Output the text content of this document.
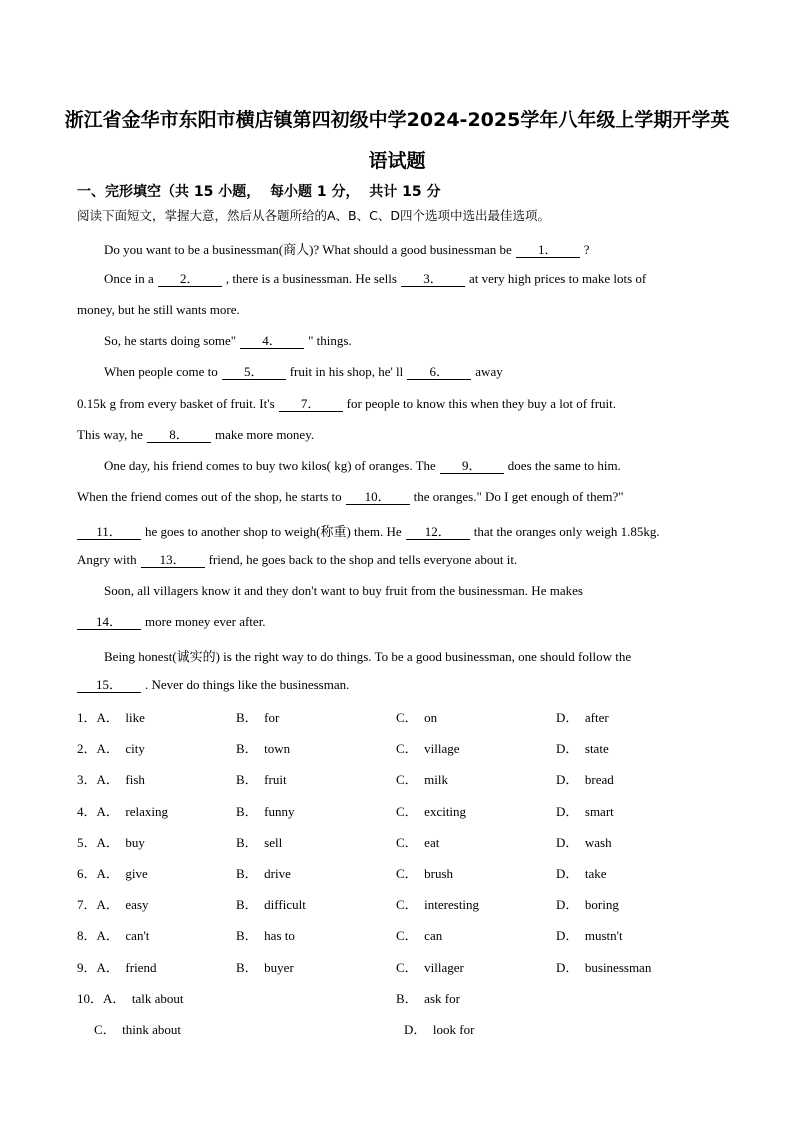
浙江省金华市东阳市横店镇第四初级中学2024-2025学年八年级上学期开学英
语试题
一、完形填空（共 15 小题，  每小题 1 分，  共计 15 分
阅读下面短文，掌握大意，然后从各题所给的A、B、C、D四个选项中选出最佳选项。
Do you want to be a businessman(商人)? What should a good businessman be 1． ?
Once in a 2． , there is a businessman. He sells 3． at very high prices to make lots of
money, but he still wants more.
So, he starts doing some" 4． " things.
When people come to 5． fruit in his shop, he' ll 6． away
0.15k g from every basket of fruit. It's 7． for people to know this when they buy a lot of fruit.
This way, he 8． make more money.
One day, his friend comes to buy two kilos( kg) of oranges. The 9． does the same to him.
When the friend comes out of the shop, he starts to 10． the oranges." Do I get enough of them?"
11． he goes to another shop to weigh(称重) them. He 12． that the oranges only weigh 1.85kg.
Angry with 13． friend, he goes back to the shop and tells everyone about it.
Soon, all villagers know it and they don't want to buy fruit from the businessman. He makes
14． more money ever after.
Being honest(诚实的) is the right way to do things. To be a good businessman, one should follow the
15． . Never do things like the businessman.
1．A． like	B． for	C． on	D． after
2．A． city	B． town	C． village	D． state
3．A． fish	B． fruit	C． milk	D． bread
4．A． relaxing	B． funny	C． exciting	D． smart
5．A． buy	B． sell	C． eat	D． wash
6．A． give	B． drive	C． brush	D． take
7．A． easy	B． difficult	C． interesting	D． boring
8．A． can't	B． has to	C． can	D． mustn't
9．A． friend	B． buyer	C． villager	D． businessman
10．A． talk about	B． ask for
C． think about	D． look for
